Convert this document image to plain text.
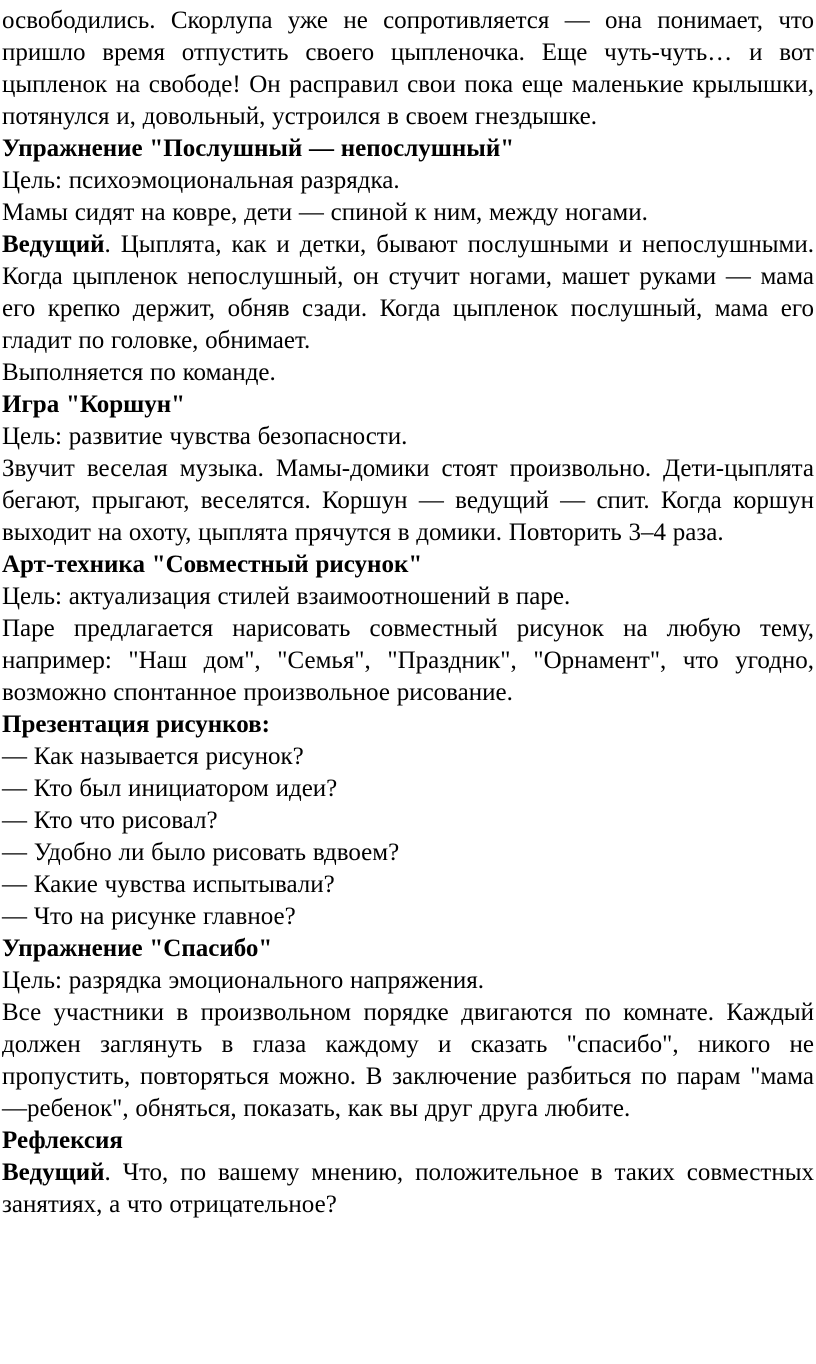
освободились. Скорлупа уже не сопротивляется — она понимает, что пришло время отпустить своего цыпленочка. Еще чуть-чуть… и вот цыпленок на свободе! Он расправил свои пока еще маленькие крылышки, потянулся и, довольный, устроился в своем гнездышке.

Упражнение "Послушный — непослушный"

Цель: психоэмоциональная разрядка.

Мамы сидят на ковре, дети — спиной к ним, между ногами.

Ведущий. Цыплята, как и детки, бывают послушными и непослушными. Когда цыпленок непослушный, он стучит ногами, машет руками — мама его крепко держит, обняв сзади. Когда цыпленок послушный, мама его гладит по головке, обнимает.

Выполняется по команде.

Игра "Коршун"

Цель: развитие чувства безопасности.

Звучит веселая музыка. Мамы-домики стоят произвольно. Дети-цыплята бегают, прыгают, веселятся. Коршун — ведущий — спит. Когда коршун выходит на охоту, цыплята прячутся в домики. Повторить 3–4 раза.

Арт-техника "Совместный рисунок"

Цель: актуализация стилей взаимоотношений в паре.

Паре предлагается нарисовать совместный рисунок на любую тему, например: "Наш дом", "Семья", "Праздник", "Орнамент", что угодно, возможно спонтанное произвольное рисование.

Презентация рисунков:

— Как называется рисунок?

— Кто был инициатором идеи?

— Кто что рисовал?

— Удобно ли было рисовать вдвоем?

— Какие чувства испытывали?

— Что на рисунке главное?

Упражнение "Спасибо"

Цель: разрядка эмоционального напряжения.

Все участники в произвольном порядке двигаются по комнате. Каждый должен заглянуть в глаза каждому и сказать "спасибо", никого не пропустить, повторяться можно. В заключение разбиться по парам "мама—ребенок", обняться, показать, как вы друг друга любите.

Рефлексия

Ведущий. Что, по вашему мнению, положительное в таких совместных занятиях, а что отрицательное?
